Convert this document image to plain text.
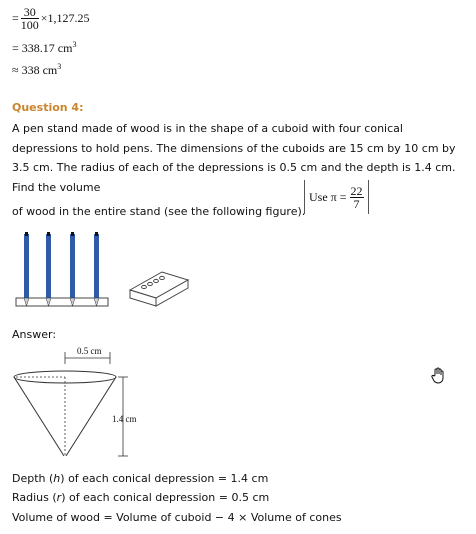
= $\frac{30}{100} \times 1,127.25$
= 338.17 $cm^3$
≈ 338 $cm^3$
Question 4:
A pen stand made of wood is in the shape of a cuboid with four conical depressions to hold pens. The dimensions of the cuboids are 15 cm by 10 cm by 3.5 cm. The radius of each of the depressions is 0.5 cm and the depth is 1.4 cm. Find the volume
Use $\pi = \frac{22}{7}$
of wood in the entire stand (see the following figure).
Answer:
0.5 cm
1.4 cm
Depth (h) of each conical depression = 1.4 cm
Radius (r) of each conical depression = 0.5 cm
Volume of wood = Volume of cuboid − 4 × Volume of cones
